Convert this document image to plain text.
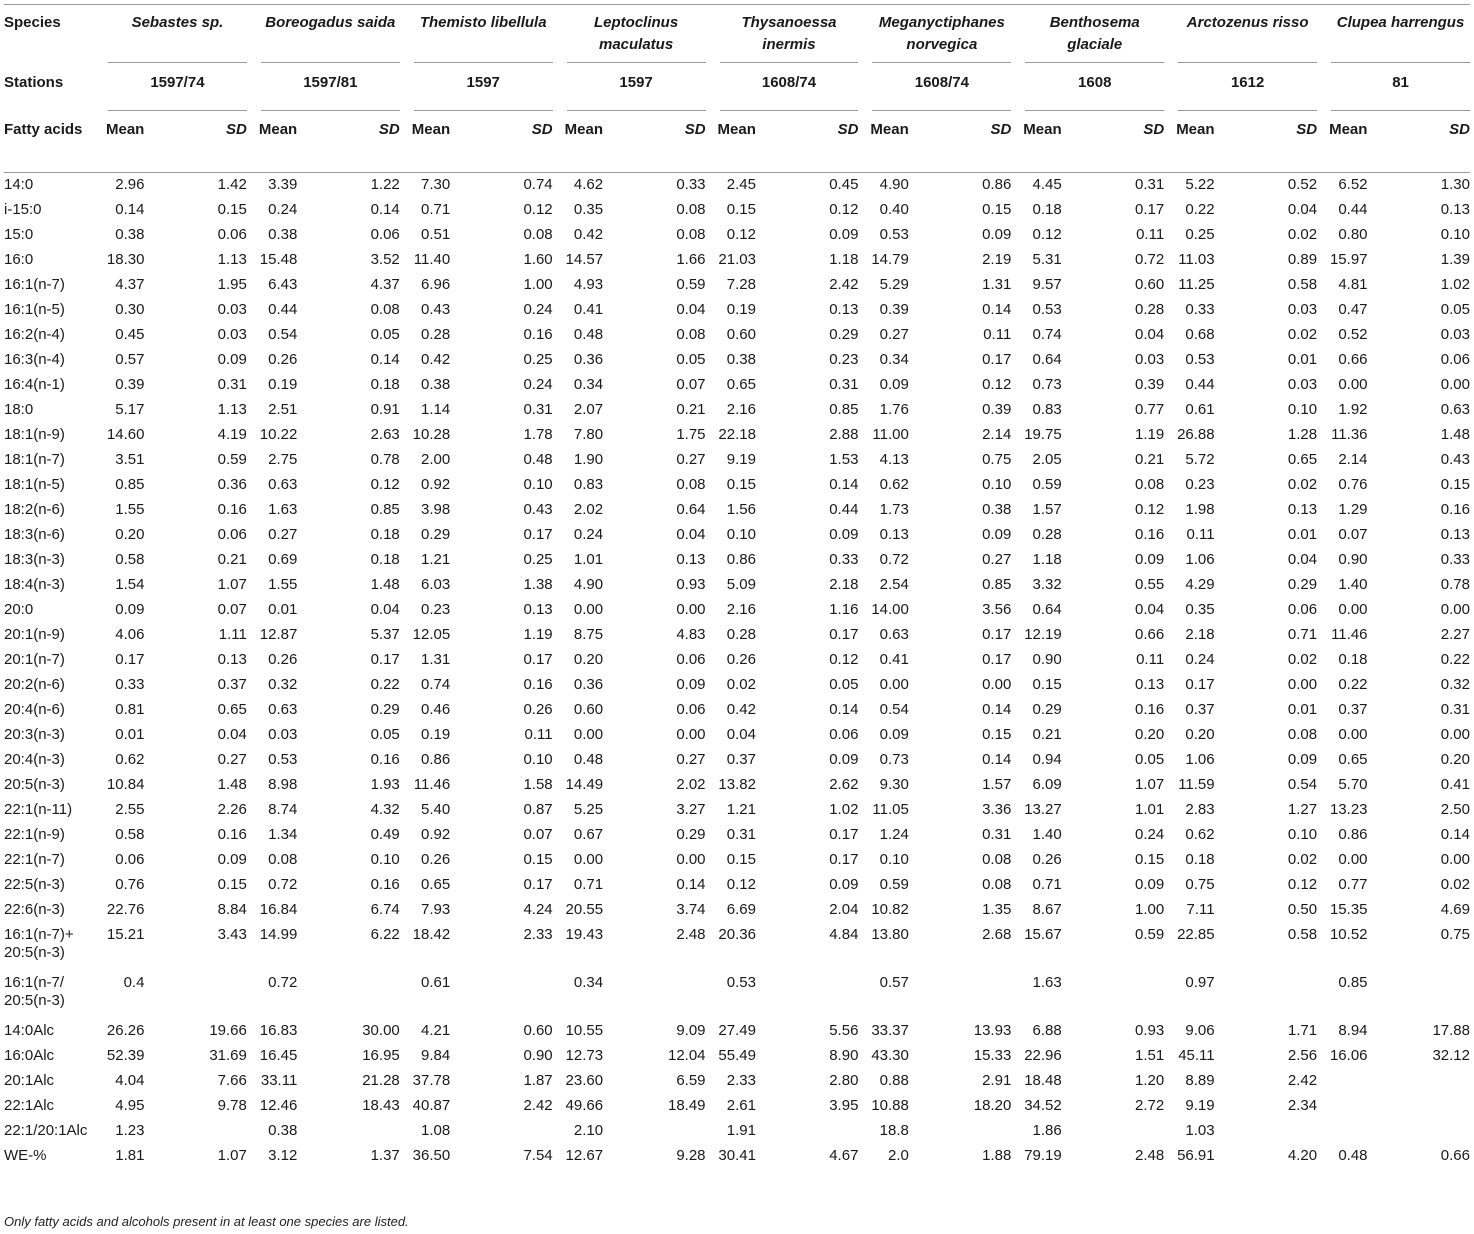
Species	Sebastes sp.		Boreogadus saida		Themisto libellula		Leptoclinus maculatus		Thysanoessa inermis		Meganyctiphanes norvegica		Benthosema glaciale		Arctozenus risso		Clupea harrengus	
Stations	1597/74		1597/81		1597		1597		1608/74		1608/74		1608		1612		81	
Fatty acids	Mean	SD	Mean	SD	Mean	SD	Mean	SD	Mean	SD	Mean	SD	Mean	SD	Mean	SD	Mean	SD
14:0	2.96	1.42	3.39	1.22	7.30	0.74	4.62	0.33	2.45	0.45	4.90	0.86	4.45	0.31	5.22	0.52	6.52	1.30
i-15:0	0.14	0.15	0.24	0.14	0.71	0.12	0.35	0.08	0.15	0.12	0.40	0.15	0.18	0.17	0.22	0.04	0.44	0.13
15:0	0.38	0.06	0.38	0.06	0.51	0.08	0.42	0.08	0.12	0.09	0.53	0.09	0.12	0.11	0.25	0.02	0.80	0.10
16:0	18.30	1.13	15.48	3.52	11.40	1.60	14.57	1.66	21.03	1.18	14.79	2.19	5.31	0.72	11.03	0.89	15.97	1.39
16:1(n-7)	4.37	1.95	6.43	4.37	6.96	1.00	4.93	0.59	7.28	2.42	5.29	1.31	9.57	0.60	11.25	0.58	4.81	1.02
16:1(n-5)	0.30	0.03	0.44	0.08	0.43	0.24	0.41	0.04	0.19	0.13	0.39	0.14	0.53	0.28	0.33	0.03	0.47	0.05
16:2(n-4)	0.45	0.03	0.54	0.05	0.28	0.16	0.48	0.08	0.60	0.29	0.27	0.11	0.74	0.04	0.68	0.02	0.52	0.03
16:3(n-4)	0.57	0.09	0.26	0.14	0.42	0.25	0.36	0.05	0.38	0.23	0.34	0.17	0.64	0.03	0.53	0.01	0.66	0.06
16:4(n-1)	0.39	0.31	0.19	0.18	0.38	0.24	0.34	0.07	0.65	0.31	0.09	0.12	0.73	0.39	0.44	0.03	0.00	0.00
18:0	5.17	1.13	2.51	0.91	1.14	0.31	2.07	0.21	2.16	0.85	1.76	0.39	0.83	0.77	0.61	0.10	1.92	0.63
18:1(n-9)	14.60	4.19	10.22	2.63	10.28	1.78	7.80	1.75	22.18	2.88	11.00	2.14	19.75	1.19	26.88	1.28	11.36	1.48
18:1(n-7)	3.51	0.59	2.75	0.78	2.00	0.48	1.90	0.27	9.19	1.53	4.13	0.75	2.05	0.21	5.72	0.65	2.14	0.43
18:1(n-5)	0.85	0.36	0.63	0.12	0.92	0.10	0.83	0.08	0.15	0.14	0.62	0.10	0.59	0.08	0.23	0.02	0.76	0.15
18:2(n-6)	1.55	0.16	1.63	0.85	3.98	0.43	2.02	0.64	1.56	0.44	1.73	0.38	1.57	0.12	1.98	0.13	1.29	0.16
18:3(n-6)	0.20	0.06	0.27	0.18	0.29	0.17	0.24	0.04	0.10	0.09	0.13	0.09	0.28	0.16	0.11	0.01	0.07	0.13
18:3(n-3)	0.58	0.21	0.69	0.18	1.21	0.25	1.01	0.13	0.86	0.33	0.72	0.27	1.18	0.09	1.06	0.04	0.90	0.33
18:4(n-3)	1.54	1.07	1.55	1.48	6.03	1.38	4.90	0.93	5.09	2.18	2.54	0.85	3.32	0.55	4.29	0.29	1.40	0.78
20:0	0.09	0.07	0.01	0.04	0.23	0.13	0.00	0.00	2.16	1.16	14.00	3.56	0.64	0.04	0.35	0.06	0.00	0.00
20:1(n-9)	4.06	1.11	12.87	5.37	12.05	1.19	8.75	4.83	0.28	0.17	0.63	0.17	12.19	0.66	2.18	0.71	11.46	2.27
20:1(n-7)	0.17	0.13	0.26	0.17	1.31	0.17	0.20	0.06	0.26	0.12	0.41	0.17	0.90	0.11	0.24	0.02	0.18	0.22
20:2(n-6)	0.33	0.37	0.32	0.22	0.74	0.16	0.36	0.09	0.02	0.05	0.00	0.00	0.15	0.13	0.17	0.00	0.22	0.32
20:4(n-6)	0.81	0.65	0.63	0.29	0.46	0.26	0.60	0.06	0.42	0.14	0.54	0.14	0.29	0.16	0.37	0.01	0.37	0.31
20:3(n-3)	0.01	0.04	0.03	0.05	0.19	0.11	0.00	0.00	0.04	0.06	0.09	0.15	0.21	0.20	0.20	0.08	0.00	0.00
20:4(n-3)	0.62	0.27	0.53	0.16	0.86	0.10	0.48	0.27	0.37	0.09	0.73	0.14	0.94	0.05	1.06	0.09	0.65	0.20
20:5(n-3)	10.84	1.48	8.98	1.93	11.46	1.58	14.49	2.02	13.82	2.62	9.30	1.57	6.09	1.07	11.59	0.54	5.70	0.41
22:1(n-11)	2.55	2.26	8.74	4.32	5.40	0.87	5.25	3.27	1.21	1.02	11.05	3.36	13.27	1.01	2.83	1.27	13.23	2.50
22:1(n-9)	0.58	0.16	1.34	0.49	0.92	0.07	0.67	0.29	0.31	0.17	1.24	0.31	1.40	0.24	0.62	0.10	0.86	0.14
22:1(n-7)	0.06	0.09	0.08	0.10	0.26	0.15	0.00	0.00	0.15	0.17	0.10	0.08	0.26	0.15	0.18	0.02	0.00	0.00
22:5(n-3)	0.76	0.15	0.72	0.16	0.65	0.17	0.71	0.14	0.12	0.09	0.59	0.08	0.71	0.09	0.75	0.12	0.77	0.02
22:6(n-3)	22.76	8.84	16.84	6.74	7.93	4.24	20.55	3.74	6.69	2.04	10.82	1.35	8.67	1.00	7.11	0.50	15.35	4.69
16:1(n-7)+ 20:5(n-3)	15.21	3.43	14.99	6.22	18.42	2.33	19.43	2.48	20.36	4.84	13.80	2.68	15.67	0.59	22.85	0.58	10.52	0.75
16:1(n-7/ 20:5(n-3)	0.4		0.72		0.61		0.34		0.53		0.57		1.63		0.97		0.85	
14:0Alc	26.26	19.66	16.83	30.00	4.21	0.60	10.55	9.09	27.49	5.56	33.37	13.93	6.88	0.93	9.06	1.71	8.94	17.88
16:0Alc	52.39	31.69	16.45	16.95	9.84	0.90	12.73	12.04	55.49	8.90	43.30	15.33	22.96	1.51	45.11	2.56	16.06	32.12
20:1Alc	4.04	7.66	33.11	21.28	37.78	1.87	23.60	6.59	2.33	2.80	0.88	2.91	18.48	1.20	8.89	2.42		
22:1Alc	4.95	9.78	12.46	18.43	40.87	2.42	49.66	18.49	2.61	3.95	10.88	18.20	34.52	2.72	9.19	2.34		
22:1/20:1Alc	1.23		0.38		1.08		2.10		1.91		18.8		1.86		1.03			
WE-%	1.81	1.07	3.12	1.37	36.50	7.54	12.67	9.28	30.41	4.67	2.0	1.88	79.19	2.48	56.91	4.20	0.48	0.66
Only fatty acids and alcohols present in at least one species are listed.
